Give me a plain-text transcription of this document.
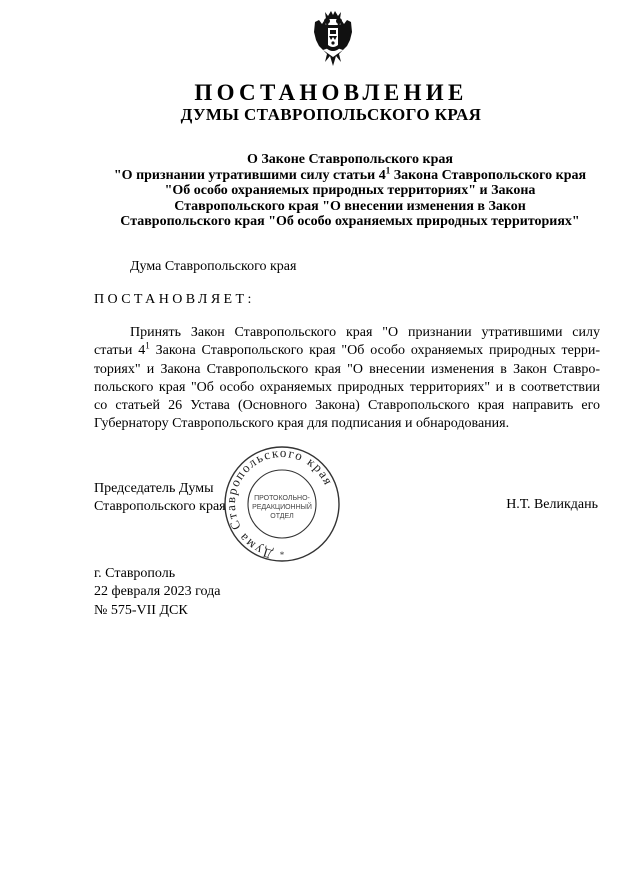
ПОСТАНОВЛЕНИЕ
ДУМЫ СТАВРОПОЛЬСКОГО КРАЯ
О Законе Ставропольского края
"О признании утратившими силу статьи $4^1$ Закона Ставропольского края
"Об особо охраняемых природных территориях" и Закона
Ставропольского края "О внесении изменения в Закон
Ставропольского края "Об особо охраняемых природных территориях"
Дума Ставропольского края
ПОСТАНОВЛЯЕТ:
Принять Закон Ставропольского края "О признании утратившими силу
статьи $4^1$ Закона Ставропольского края "Об особо охраняемых природных терри-
ториях" и Закона Ставропольского края "О внесении изменения в Закон Ставро-
польского края "Об особо охраняемых природных территориях" и в соответствии
со статьей 26 Устава (Основного Закона) Ставропольского края направить его
Губернатору Ставропольского края для подписания и обнародования.
Председатель Думы
Ставропольского края	Н.Т. Великдань
Дума Ставропольского края
ПРОТОКОЛЬНО-
РЕДАКЦИОННЫЙ
ОТДЕЛ
*
г. Ставрополь
22 февраля 2023 года
№ 575-VII ДСК
